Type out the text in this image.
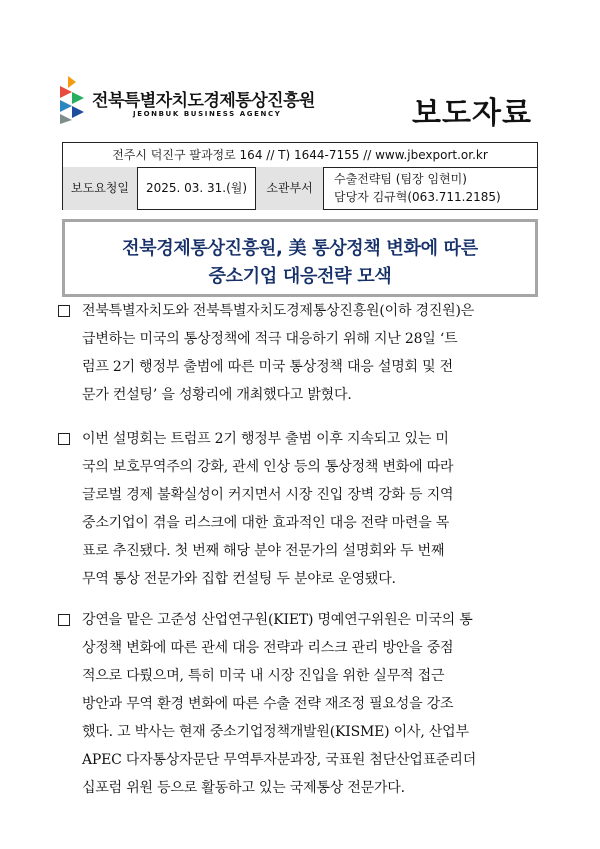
전북특별자치도경제통상진흥원
JEONBUK BUSINESS AGENCY	보도자료
전주시 덕진구 팔과정로 164 // T) 1644-7155 // www.jbexport.or.kr
보도요청일	2025. 03. 31.(월)	소관부서
수출전략팀 (팀장 임현미)
담당자 김규혁(063.711.2185)
전북경제통상진흥원, 美 통상정책 변화에 따른
중소기업 대응전략 모색
전북특별자치도와 전북특별자치도경제통상진흥원(이하 경진원)은
급변하는 미국의 통상정책에 적극 대응하기 위해 지난 28일 ‘트
럼프 2기 행정부 출범에 따른 미국 통상정책 대응 설명회 및 전
문가 컨설팅’ 을 성황리에 개최했다고 밝혔다.
이번 설명회는 트럼프 2기 행정부 출범 이후 지속되고 있는 미
국의 보호무역주의 강화, 관세 인상 등의 통상정책 변화에 따라
글로벌 경제 불확실성이 커지면서 시장 진입 장벽 강화 등 지역
중소기업이 겪을 리스크에 대한 효과적인 대응 전략 마련을 목
표로 추진됐다. 첫 번째 해당 분야 전문가의 설명회와 두 번째
무역 통상 전문가와 집합 컨설팅 두 분야로 운영됐다.
강연을 맡은 고준성 산업연구원(KIET) 명예연구위원은 미국의 통
상정책 변화에 따른 관세 대응 전략과 리스크 관리 방안을 중점
적으로 다뤘으며, 특히 미국 내 시장 진입을 위한 실무적 접근
방안과 무역 환경 변화에 따른 수출 전략 재조정 필요성을 강조
했다. 고 박사는 현재 중소기업정책개발원(KISME) 이사, 산업부
APEC 다자통상자문단 무역투자분과장, 국표원 첨단산업표준리더
십포럼 위원 등으로 활동하고 있는 국제통상 전문가다.
